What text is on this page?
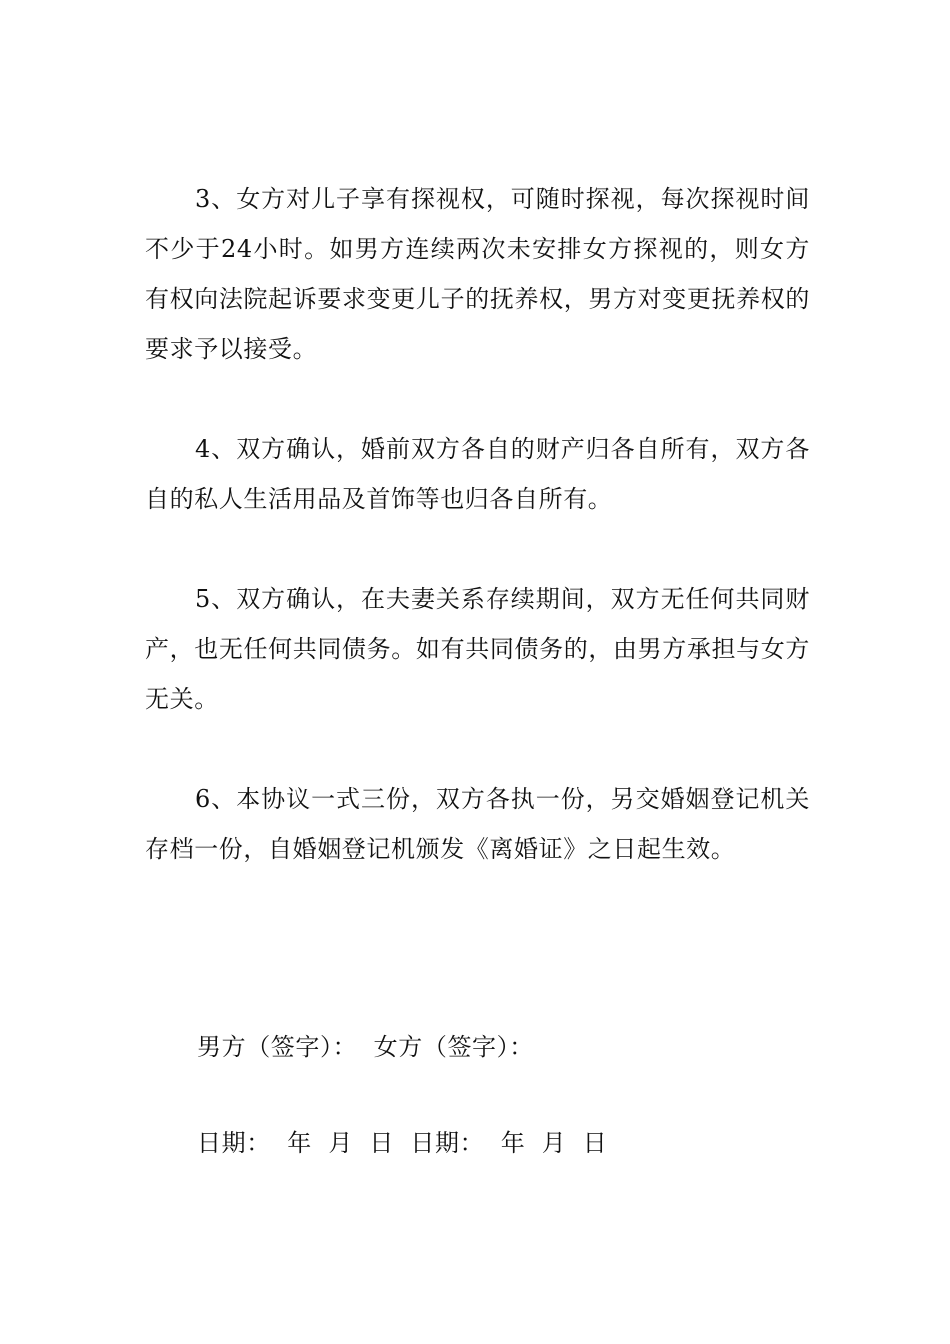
3、女方对儿子享有探视权，可随时探视，每次探视时间不少于24小时。如男方连续两次未安排女方探视的，则女方有权向法院起诉要求变更儿子的抚养权，男方对变更抚养权的要求予以接受。

4、双方确认，婚前双方各自的财产归各自所有，双方各自的私人生活用品及首饰等也归各自所有。

5、双方确认，在夫妻关系存续期间，双方无任何共同财产，也无任何共同债务。如有共同债务的，由男方承担与女方无关。

6、本协议一式三份，双方各执一份，另交婚姻登记机关存档一份，自婚姻登记机颁发《离婚证》之日起生效。

男方（签字）：  女方（签字）：

日期：  年  月  日  日期：  年  月  日
